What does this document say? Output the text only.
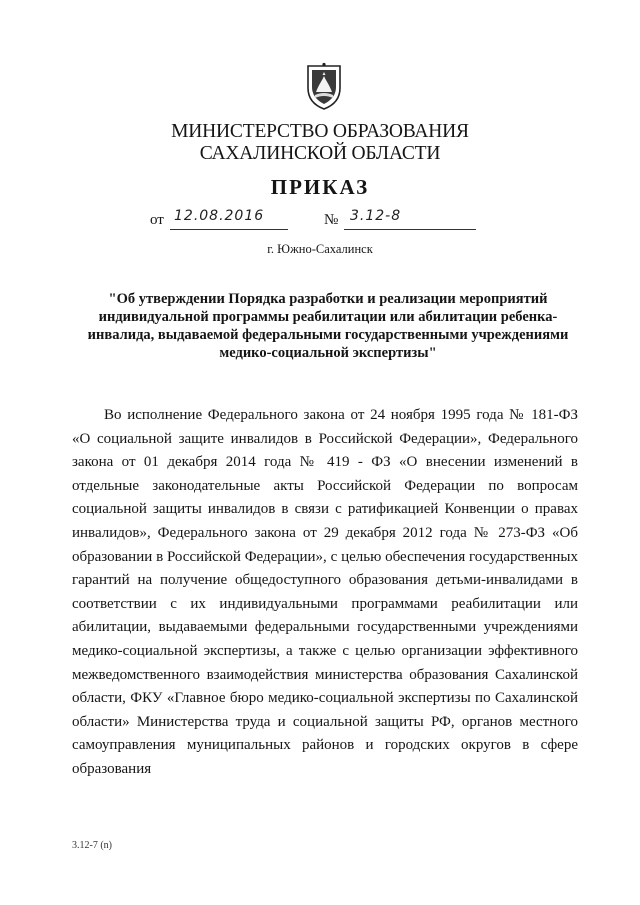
МИНИСТЕРСТВО ОБРАЗОВАНИЯ
САХАЛИНСКОЙ ОБЛАСТИ
ПРИКАЗ
от 12.08.2016	№ 3.12-8
г. Южно-Сахалинск
"Об утверждении Порядка разработки и реализации мероприятий индивидуальной программы реабилитации или абилитации ребенка-инвалида, выдаваемой федеральными государственными учреждениями медико-социальной экспертизы"

Во исполнение Федерального закона от 24 ноября 1995 года № 181-ФЗ «О социальной защите инвалидов в Российской Федерации», Федерального закона от 01 декабря 2014 года № 419 - ФЗ «О внесении изменений в отдельные законодательные акты Российской Федерации по вопросам социальной защиты инвалидов в связи с ратификацией Конвенции о правах инвалидов», Федерального закона от 29 декабря 2012 года № 273-ФЗ «Об образовании в Российской Федерации», с целью обеспечения государственных гарантий на получение общедоступного образования детьми-инвалидами в соответствии с их индивидуальными программами реабилитации или абилитации, выдаваемыми федеральными государственными учреждениями медико-социальной экспертизы, а также с целью организации эффективного межведомственного взаимодействия министерства образования Сахалинской области, ФКУ «Главное бюро медико-социальной экспертизы по Сахалинской области» Министерства труда и социальной защиты РФ, органов местного самоуправления муниципальных районов и городских округов в сфере образования

3.12-7 (n)
